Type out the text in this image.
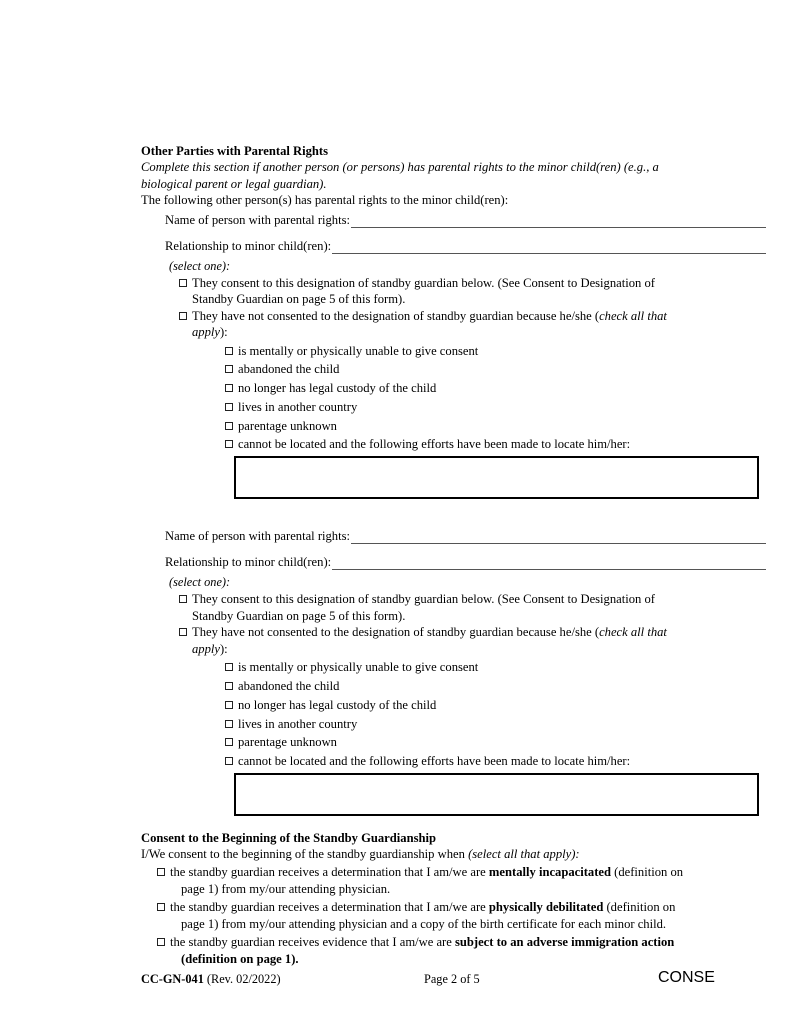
Other Parties with Parental Rights
Complete this section if another person (or persons) has parental rights to the minor child(ren) (e.g., a
biological parent or legal guardian).
The following other person(s) has parental rights to the minor child(ren):
Name of person with parental rights:
Relationship to minor child(ren):
(select one):
They consent to this designation of standby guardian below. (See Consent to Designation of
Standby Guardian on page 5 of this form).
They have not consented to the designation of standby guardian because he/she (check all that
apply):
is mentally or physically unable to give consent
abandoned the child
no longer has legal custody of the child
lives in another country
parentage unknown
cannot be located and the following efforts have been made to locate him/her:
Name of person with parental rights:
Relationship to minor child(ren):
(select one):
They consent to this designation of standby guardian below. (See Consent to Designation of
Standby Guardian on page 5 of this form).
They have not consented to the designation of standby guardian because he/she (check all that
apply):
is mentally or physically unable to give consent
abandoned the child
no longer has legal custody of the child
lives in another country
parentage unknown
cannot be located and the following efforts have been made to locate him/her:
Consent to the Beginning of the Standby Guardianship
I/We consent to the beginning of the standby guardianship when (select all that apply):
the standby guardian receives a determination that I am/we are mentally incapacitated (definition on
page 1) from my/our attending physician.
the standby guardian receives a determination that I am/we are physically debilitated (definition on
page 1) from my/our attending physician and a copy of the birth certificate for each minor child.
the standby guardian receives evidence that I am/we are subject to an adverse immigration action
(definition on page 1).
CC-GN-041 (Rev. 02/2022)	Page 2 of 5	CONSE
